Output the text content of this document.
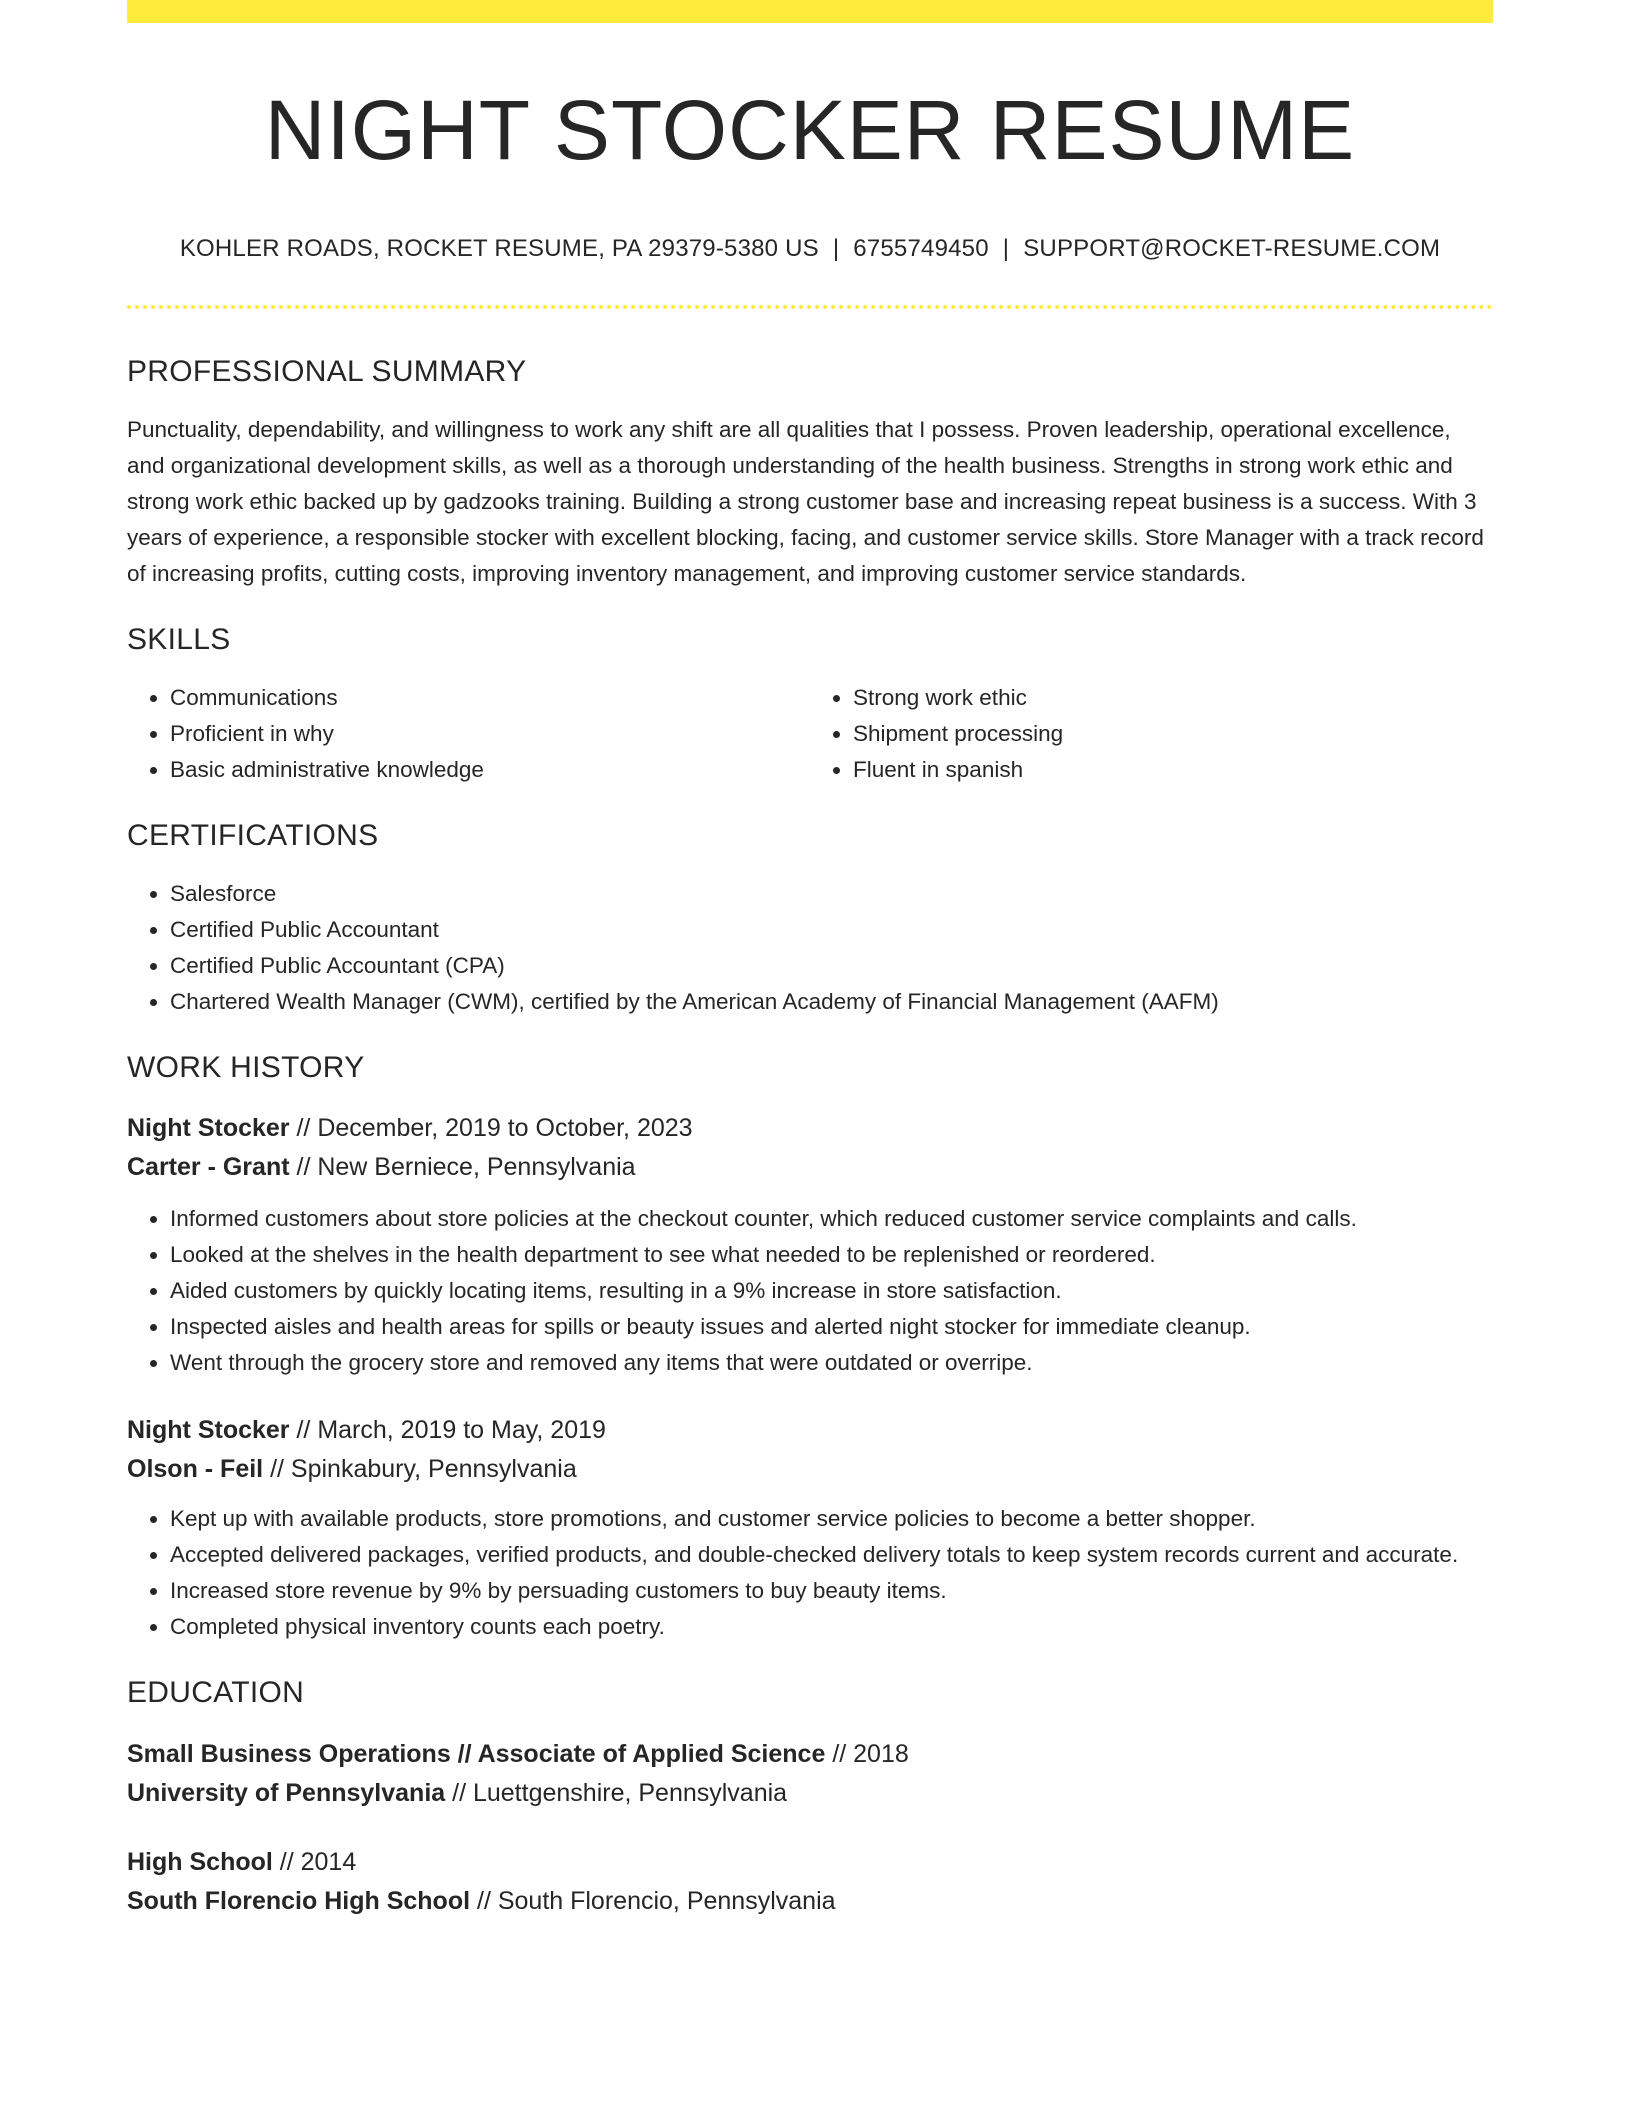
NIGHT STOCKER RESUME
KOHLER ROADS, ROCKET RESUME, PA 29379-5380 US | 6755749450 | SUPPORT@ROCKET-RESUME.COM
PROFESSIONAL SUMMARY

Punctuality, dependability, and willingness to work any shift are all qualities that I possess. Proven leadership, operational excellence, and organizational development skills, as well as a thorough understanding of the health business. Strengths in strong work ethic and strong work ethic backed up by gadzooks training. Building a strong customer base and increasing repeat business is a success. With 3 years of experience, a responsible stocker with excellent blocking, facing, and customer service skills. Store Manager with a track record of increasing profits, cutting costs, improving inventory management, and improving customer service standards.

SKILLS
• Communications
• Proficient in why
• Basic administrative knowledge
• Strong work ethic
• Shipment processing
• Fluent in spanish
CERTIFICATIONS
• Salesforce
• Certified Public Accountant
• Certified Public Accountant (CPA)
• Chartered Wealth Manager (CWM), certified by the American Academy of Financial Management (AAFM)
WORK HISTORY

Night Stocker // December, 2019 to October, 2023

Carter - Grant // New Berniece, Pennsylvania

• Informed customers about store policies at the checkout counter, which reduced customer service complaints and calls.
• Looked at the shelves in the health department to see what needed to be replenished or reordered.
• Aided customers by quickly locating items, resulting in a 9% increase in store satisfaction.
• Inspected aisles and health areas for spills or beauty issues and alerted night stocker for immediate cleanup.
• Went through the grocery store and removed any items that were outdated or overripe.

Night Stocker // March, 2019 to May, 2019

Olson - Feil // Spinkabury, Pennsylvania

• Kept up with available products, store promotions, and customer service policies to become a better shopper.
• Accepted delivered packages, verified products, and double-checked delivery totals to keep system records current and accurate.
• Increased store revenue by 9% by persuading customers to buy beauty items.
• Completed physical inventory counts each poetry.
EDUCATION

Small Business Operations // Associate of Applied Science // 2018

University of Pennsylvania // Luettgenshire, Pennsylvania

High School // 2014

South Florencio High School // South Florencio, Pennsylvania
